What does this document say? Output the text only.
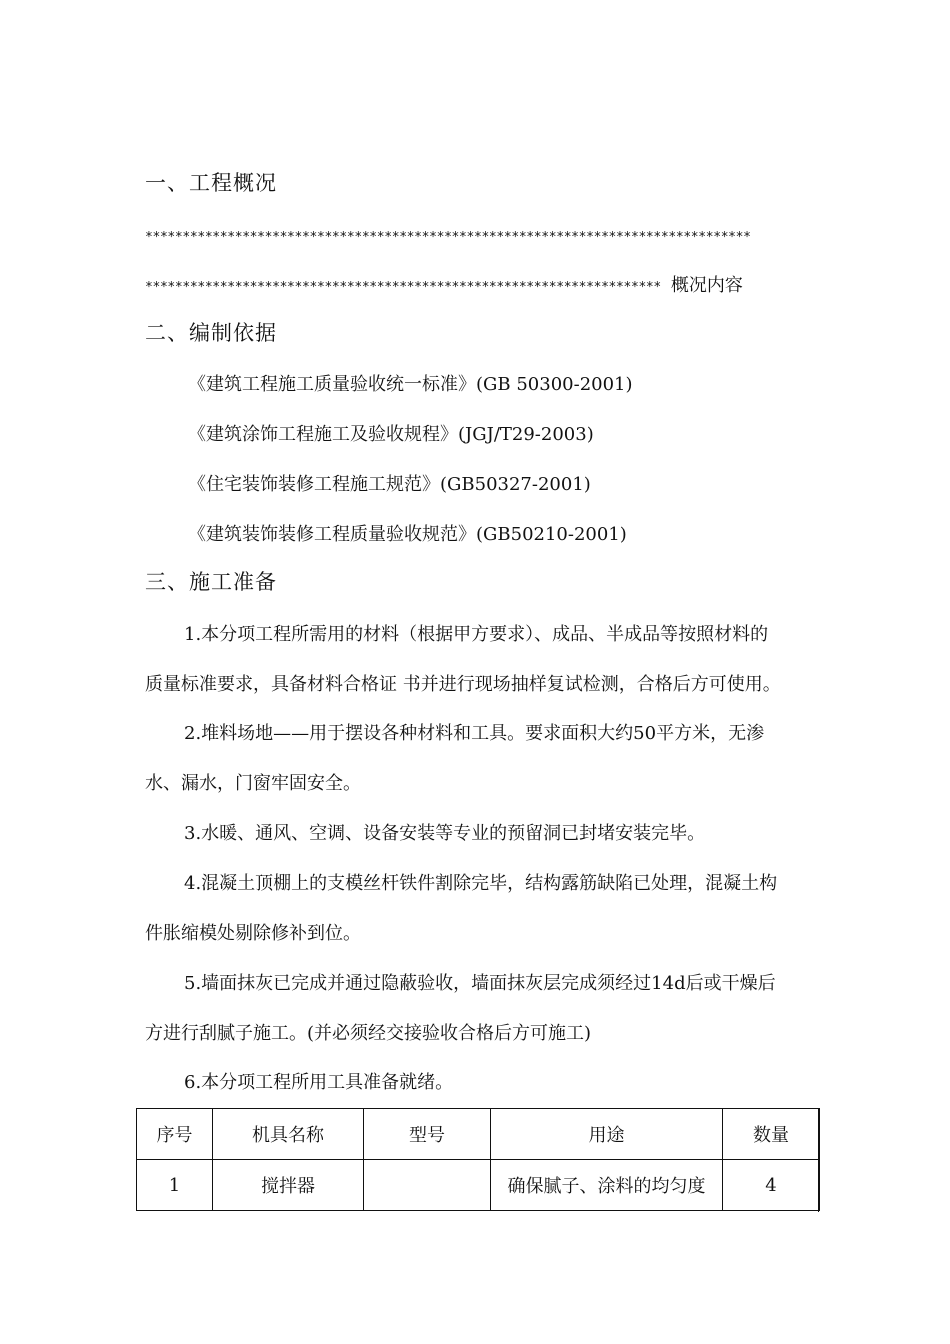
一、工程概况
*********************************************************************************
********************************************************************* 概况内容
二、编制依据
《建筑工程施工质量验收统一标准》(GB 50300-2001)
《建筑涂饰工程施工及验收规程》(JGJ/T29-2003)
《住宅装饰装修工程施工规范》(GB50327-2001)
《建筑装饰装修工程质量验收规范》(GB50210-2001)
三、施工准备
1.本分项工程所需用的材料（根据甲方要求）、成品、半成品等按照材料的
质量标准要求，具备材料合格证 书并进行现场抽样复试检测，合格后方可使用。
2.堆料场地——用于摆设各种材料和工具。要求面积大约50平方米，无渗
水、漏水，门窗牢固安全。
3.水暖、通风、空调、设备安装等专业的预留洞已封堵安装完毕。
4.混凝土顶棚上的支模丝杆铁件割除完毕，结构露筋缺陷已处理，混凝土构
件胀缩模处剔除修补到位。
5.墙面抹灰已完成并通过隐蔽验收，墙面抹灰层完成须经过14d后或干燥后
方进行刮腻子施工。(并必须经交接验收合格后方可施工)
6.本分项工程所用工具准备就绪。
序号	机具名称	型号	用途	数量
1	搅拌器		确保腻子、涂料的均匀度	4
